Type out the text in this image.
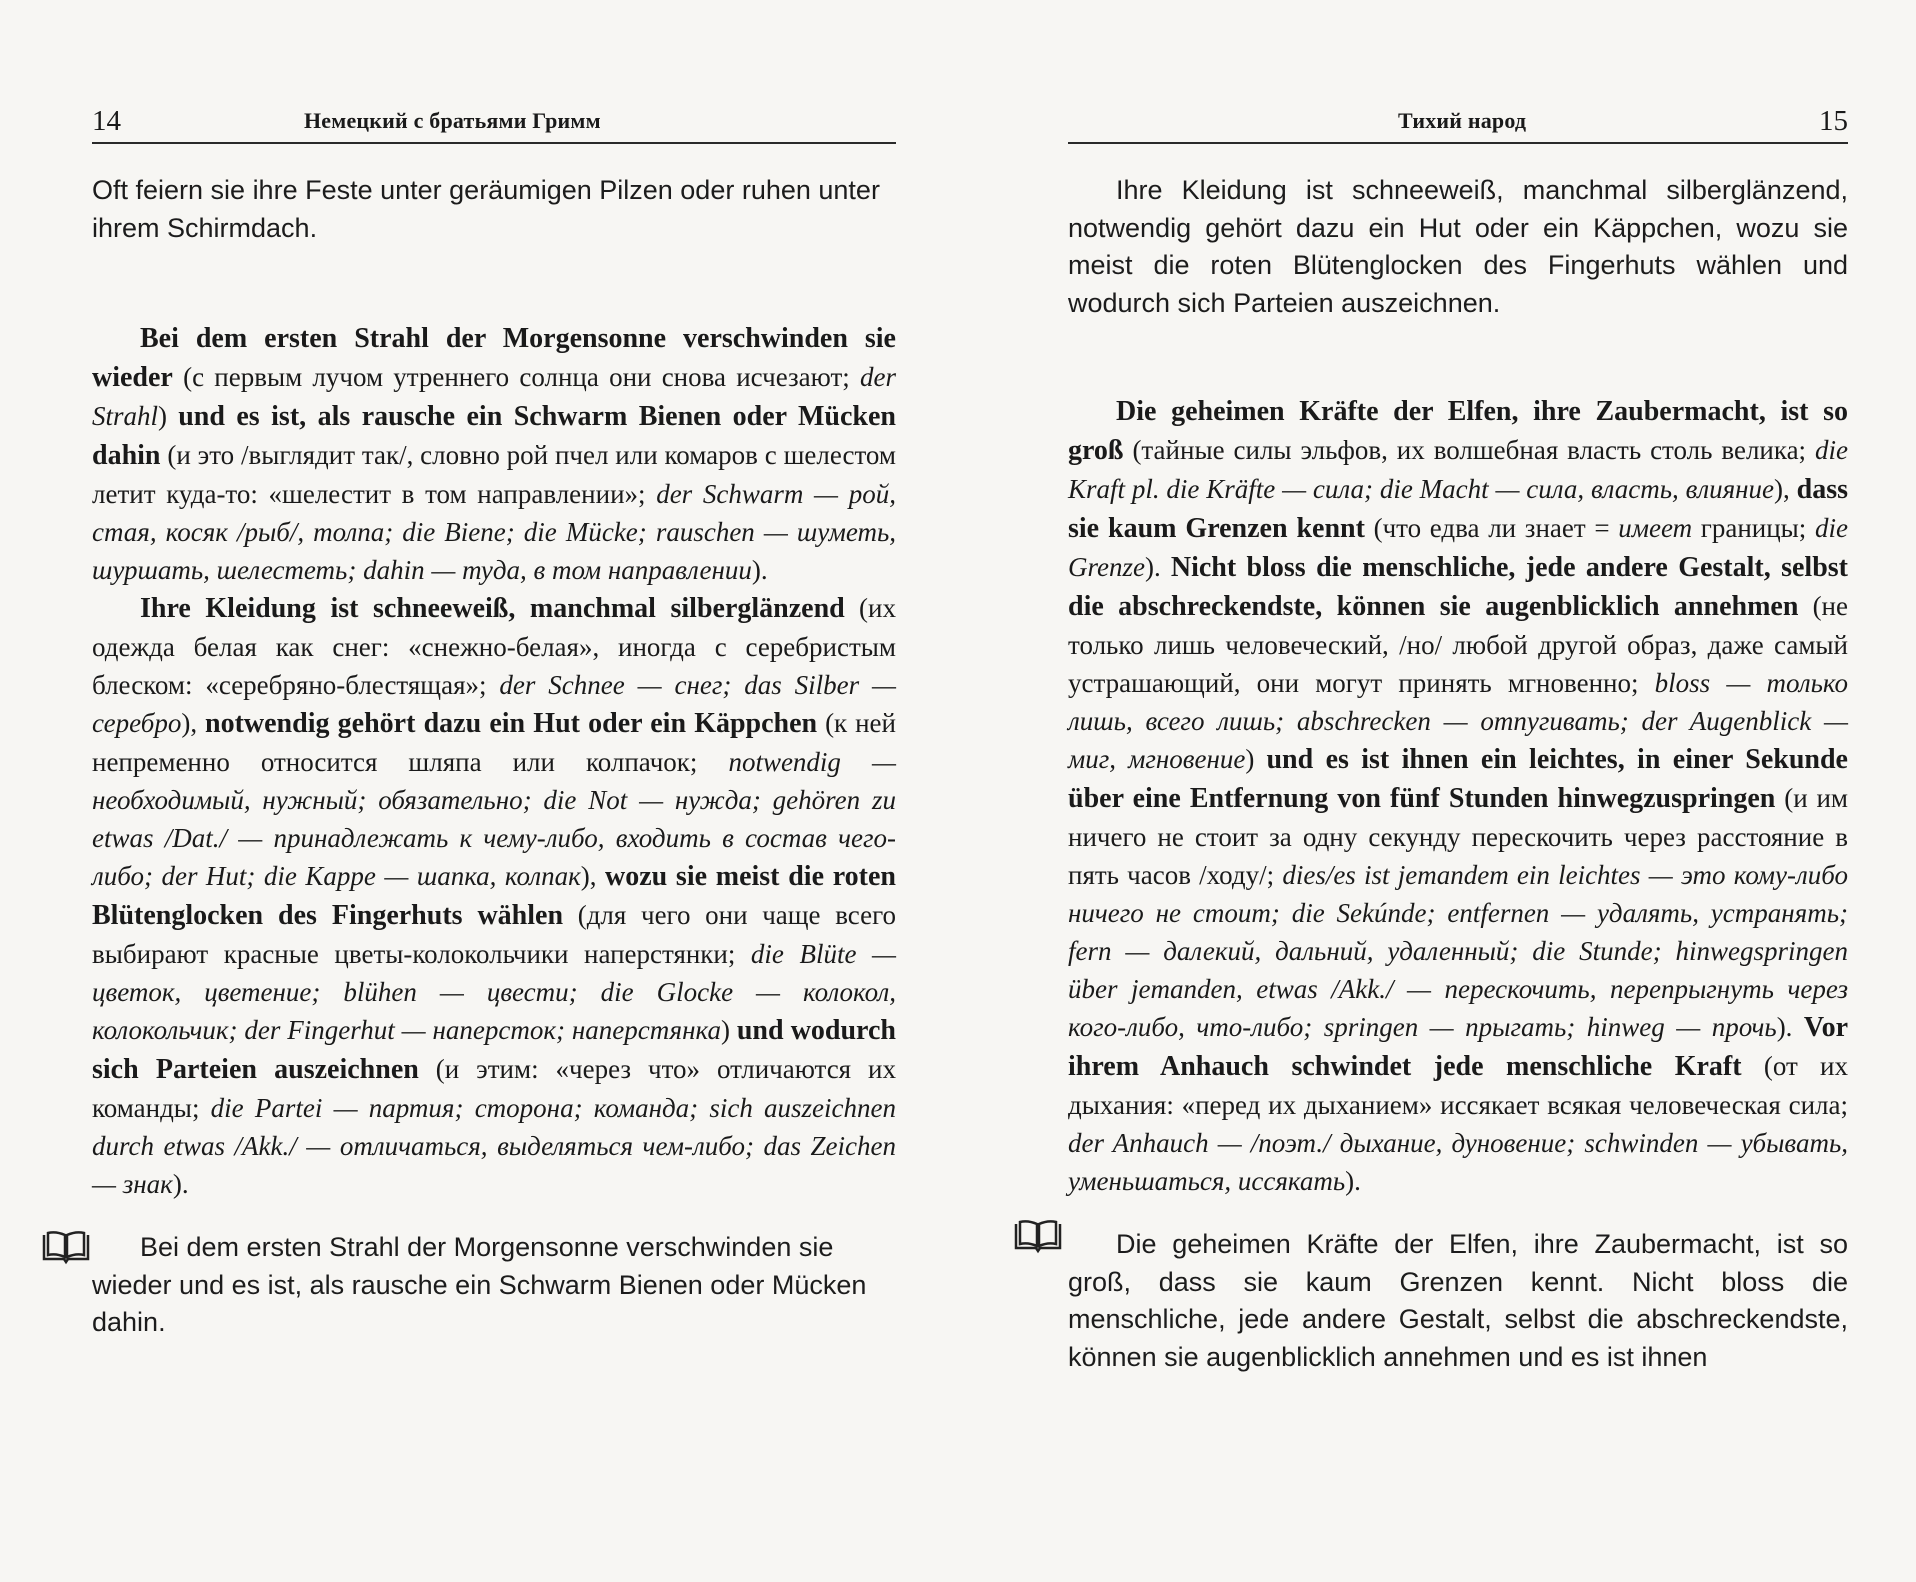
14	Немецкий с братьями Гримм

Oft feiern sie ihre Feste unter geräumigen Pilzen oder ruhen unter ihrem Schirmdach.

Bei dem ersten Strahl der Morgensonne verschwinden sie wieder (с первым лучом утреннего солнца они снова исчезают; der Strahl) und es ist, als rausche ein Schwarm Bienen oder Mücken dahin (и это /выглядит так/, словно рой пчел или комаров с шелестом летит куда-то: «шелестит в том направлении»; der Schwarm — рой, стая, косяк /рыб/, толпа; die Biene; die Mücke; rauschen — шуметь, шуршать, шелестеть; dahin — туда, в том направлении).

Ihre Kleidung ist schneeweiß, manchmal silberglänzend (их одежда белая как снег: «снежно-белая», иногда с серебристым блеском: «серебряно-блестящая»; der Schnee — снег; das Silber — серебро), notwendig gehört dazu ein Hut oder ein Käppchen (к ней непременно относится шляпа или колпачок; notwendig — необходимый, нужный; обязательно; die Not — нужда; gehören zu etwas /Dat./ — принадлежать к чему-либо, входить в состав чего-либо; der Hut; die Kappe — шапка, колпак), wozu sie meist die roten Blütenglocken des Fingerhuts wählen (для чего они чаще всего выбирают красные цветы-колокольчики наперстянки; die Blüte — цветок, цветение; blühen — цвести; die Glocke — колокол, колокольчик; der Fingerhut — наперсток; наперстянка) und wodurch sich Parteien auszeichnen (и этим: «через что» отличаются их команды; die Partei — партия; сторона; команда; sich auszeichnen durch etwas /Akk./ — отличаться, выделяться чем-либо; das Zeichen — знак).

Bei dem ersten Strahl der Morgensonne verschwinden sie wieder und es ist, als rausche ein Schwarm Bienen oder Mücken dahin.

Тихий народ	15

Ihre Kleidung ist schneeweiß, manchmal silberglänzend, notwendig gehört dazu ein Hut oder ein Käppchen, wozu sie meist die roten Blütenglocken des Fingerhuts wählen und wodurch sich Parteien auszeichnen.

Die geheimen Kräfte der Elfen, ihre Zaubermacht, ist so groß (тайные силы эльфов, их волшебная власть столь велика; die Kraft pl. die Kräfte — сила; die Macht — сила, власть, влияние), dass sie kaum Grenzen kennt (что едва ли знает = имеет границы; die Grenze). Nicht bloss die menschliche, jede andere Gestalt, selbst die abschreckendste, können sie augenblicklich annehmen (не только лишь человеческий, /но/ любой другой образ, даже самый устрашающий, они могут принять мгновенно; bloss — только лишь, всего лишь; abschrecken — отпугивать; der Augenblick — миг, мгновение) und es ist ihnen ein leichtes, in einer Sekunde über eine Entfernung von fünf Stunden hinwegzuspringen (и им ничего не стоит за одну секунду перескочить через расстояние в пять часов /ходу/; dies/es ist jemandem ein leichtes — это кому-либо ничего не стоит; die Sekúnde; entfernen — удалять, устранять; fern — далекий, дальний, удаленный; die Stunde; hinwegspringen über jemanden, etwas /Akk./ — перескочить, перепрыгнуть через кого-либо, что-либо; springen — прыгать; hinweg — прочь). Vor ihrem Anhauch schwindet jede menschliche Kraft (от их дыхания: «перед их дыханием» иссякает всякая человеческая сила; der Anhauch — /поэт./ дыхание, дуновение; schwinden — убывать, уменьшаться, иссякать).

Die geheimen Kräfte der Elfen, ihre Zaubermacht, ist so groß, dass sie kaum Grenzen kennt. Nicht bloss die menschliche, jede andere Gestalt, selbst die abschreckendste, können sie augenblicklich annehmen und es ist ihnen
